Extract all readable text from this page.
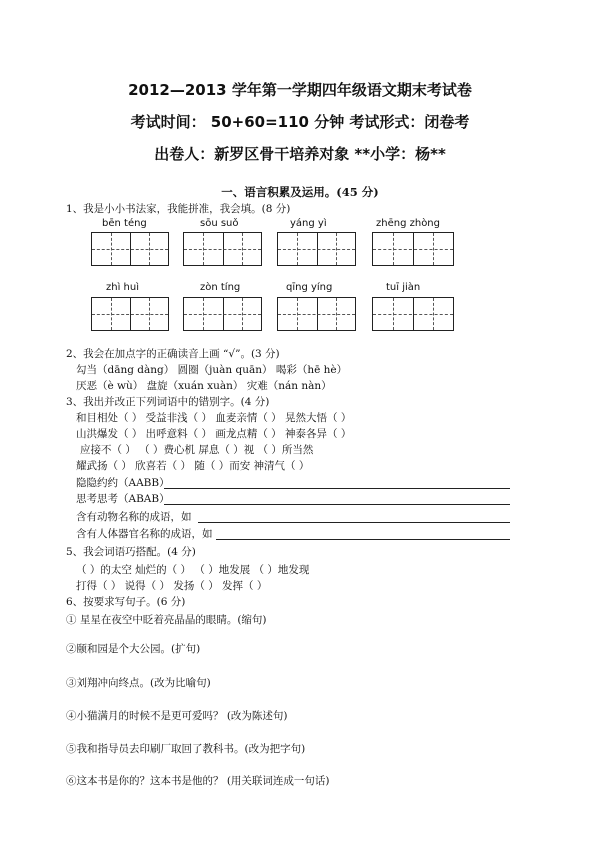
2012—2013 学年第一学期四年级语文期末考试卷
考试时间： 50+60=110 分钟 考试形式：闭卷考
出卷人：新罗区骨干培养对象 **小学：杨**
一、语言积累及运用。(45 分)
1、我是小小书法家，我能拼准，我会填。(8 分)
bēn téng	sōu suǒ	yáng yì	zhēng zhòng
zhì huì	zòn tíng	qīng yíng	tuī jiàn
2、我会在加点字的正确读音上画 “√”。(3 分)
勾当（dāng dàng） 圆圈（juàn quān） 喝彩（hē hè）
厌恶（è wù） 盘旋（xuán xuàn） 灾难（nán nàn）
3、我出并改正下列词语中的错别字。(4 分)
和目相处（ ） 受益非浅（ ） 血麦亲情（ ） 晃然大悟（ ）
山洪爆发（ ） 出呼意料（ ） 画龙点精（ ） 神泰各异（ ）
应接不（ ） （ ）费心机 屏息（ ）视 （ ）所当然
耀武扬（ ） 欣喜若（ ） 随（ ）而安 神清气（ ）
隐隐约约（AABB）
思考思考（ABAB）
含有动物名称的成语，如
含有人体器官名称的成语，如
5、我会词语巧搭配。(4 分)
（ ）的太空 灿烂的（ ） （ ）地发展 （ ）地发现
打得（ ） 说得（ ） 发扬（ ） 发挥（ ）
6、按要求写句子。(6 分)
① 星星在夜空中眨着亮晶晶的眼睛。(缩句)
②颐和园是个大公园。(扩句)
③刘翔冲向终点。(改为比喻句)
④小猫满月的时候不是更可爱吗？ (改为陈述句)
⑤我和指导员去印刷厂取回了教科书。(改为把字句)
⑥这本书是你的？这本书是他的？ (用关联词连成一句话)
